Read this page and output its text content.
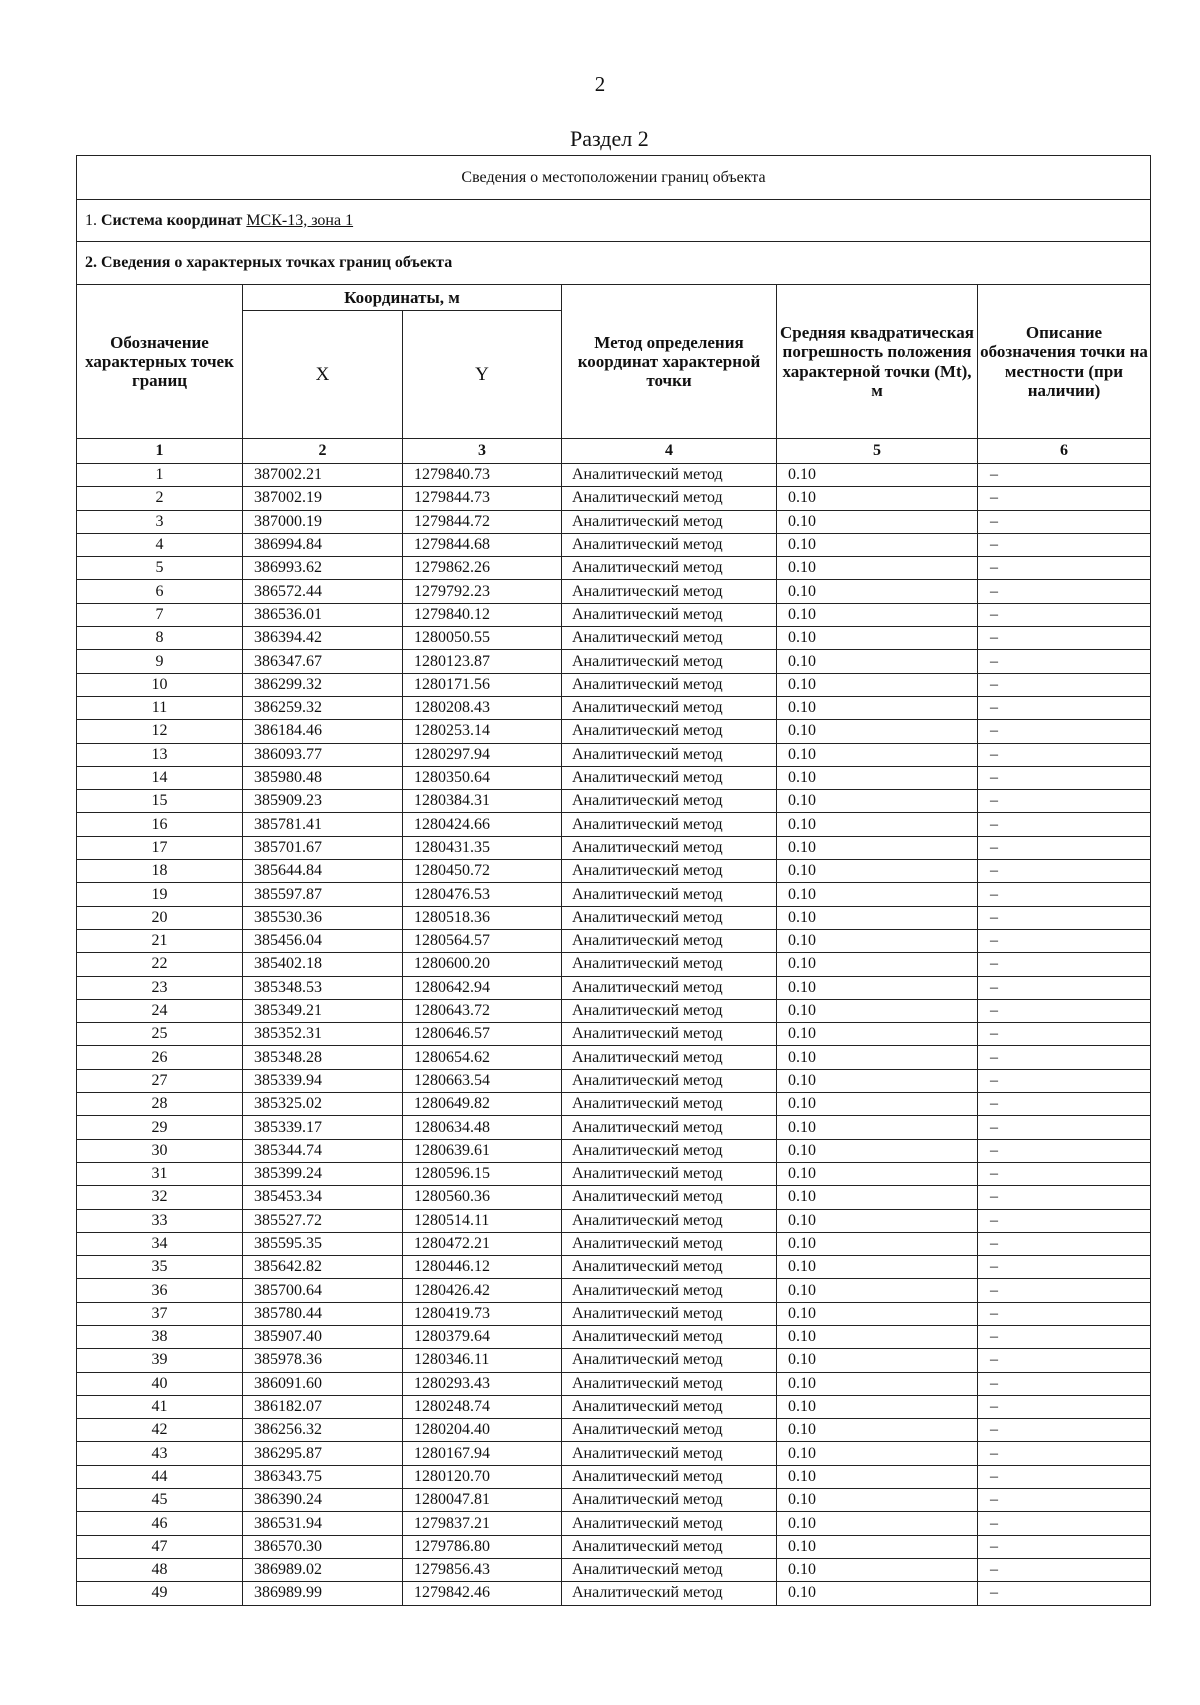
2
Раздел 2
Сведения о местоположении границ объекта					
1. Система координат МСК-13, зона 1					
2. Сведения о характерных точках границ объекта					
Обозначение характерных точек границ	Координаты, м		Метод определения координат характерной точки	Средняя квадратическая погрешность положения характерной точки (Mt), м	Описание обозначения точки на местности (при наличии)
	X	Y			
1	2	3	4	5	6
1	387002.21	1279840.73	Аналитический метод	0.10	–
2	387002.19	1279844.73	Аналитический метод	0.10	–
3	387000.19	1279844.72	Аналитический метод	0.10	–
4	386994.84	1279844.68	Аналитический метод	0.10	–
5	386993.62	1279862.26	Аналитический метод	0.10	–
6	386572.44	1279792.23	Аналитический метод	0.10	–
7	386536.01	1279840.12	Аналитический метод	0.10	–
8	386394.42	1280050.55	Аналитический метод	0.10	–
9	386347.67	1280123.87	Аналитический метод	0.10	–
10	386299.32	1280171.56	Аналитический метод	0.10	–
11	386259.32	1280208.43	Аналитический метод	0.10	–
12	386184.46	1280253.14	Аналитический метод	0.10	–
13	386093.77	1280297.94	Аналитический метод	0.10	–
14	385980.48	1280350.64	Аналитический метод	0.10	–
15	385909.23	1280384.31	Аналитический метод	0.10	–
16	385781.41	1280424.66	Аналитический метод	0.10	–
17	385701.67	1280431.35	Аналитический метод	0.10	–
18	385644.84	1280450.72	Аналитический метод	0.10	–
19	385597.87	1280476.53	Аналитический метод	0.10	–
20	385530.36	1280518.36	Аналитический метод	0.10	–
21	385456.04	1280564.57	Аналитический метод	0.10	–
22	385402.18	1280600.20	Аналитический метод	0.10	–
23	385348.53	1280642.94	Аналитический метод	0.10	–
24	385349.21	1280643.72	Аналитический метод	0.10	–
25	385352.31	1280646.57	Аналитический метод	0.10	–
26	385348.28	1280654.62	Аналитический метод	0.10	–
27	385339.94	1280663.54	Аналитический метод	0.10	–
28	385325.02	1280649.82	Аналитический метод	0.10	–
29	385339.17	1280634.48	Аналитический метод	0.10	–
30	385344.74	1280639.61	Аналитический метод	0.10	–
31	385399.24	1280596.15	Аналитический метод	0.10	–
32	385453.34	1280560.36	Аналитический метод	0.10	–
33	385527.72	1280514.11	Аналитический метод	0.10	–
34	385595.35	1280472.21	Аналитический метод	0.10	–
35	385642.82	1280446.12	Аналитический метод	0.10	–
36	385700.64	1280426.42	Аналитический метод	0.10	–
37	385780.44	1280419.73	Аналитический метод	0.10	–
38	385907.40	1280379.64	Аналитический метод	0.10	–
39	385978.36	1280346.11	Аналитический метод	0.10	–
40	386091.60	1280293.43	Аналитический метод	0.10	–
41	386182.07	1280248.74	Аналитический метод	0.10	–
42	386256.32	1280204.40	Аналитический метод	0.10	–
43	386295.87	1280167.94	Аналитический метод	0.10	–
44	386343.75	1280120.70	Аналитический метод	0.10	–
45	386390.24	1280047.81	Аналитический метод	0.10	–
46	386531.94	1279837.21	Аналитический метод	0.10	–
47	386570.30	1279786.80	Аналитический метод	0.10	–
48	386989.02	1279856.43	Аналитический метод	0.10	–
49	386989.99	1279842.46	Аналитический метод	0.10	–
